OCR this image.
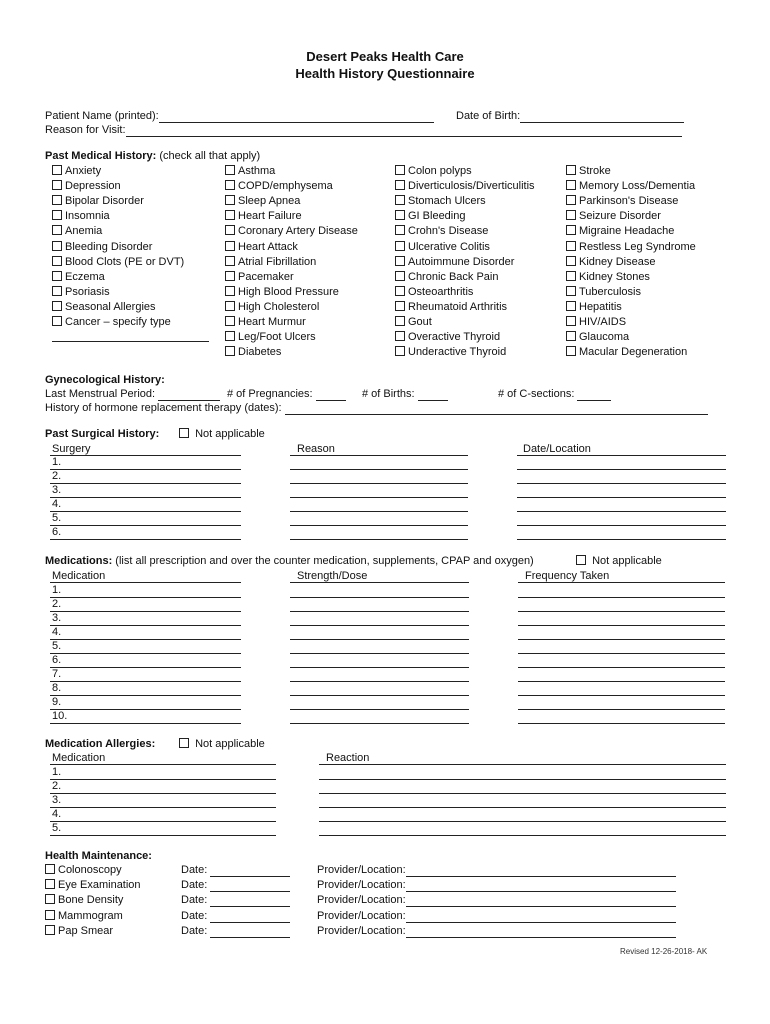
Desert Peaks Health Care
Health History Questionnaire
Patient Name (printed):	Date of Birth:
Reason for Visit:
Past Medical History: (check all that apply)
Anxiety
Depression
Bipolar Disorder
Insomnia
Anemia
Bleeding Disorder
Blood Clots (PE or DVT)
Eczema
Psoriasis
Seasonal Allergies
Cancer – specify type
Asthma
COPD/emphysema
Sleep Apnea
Heart Failure
Coronary Artery Disease
Heart Attack
Atrial Fibrillation
Pacemaker
High Blood Pressure
High Cholesterol
Heart Murmur
Leg/Foot Ulcers
Diabetes
Colon polyps
Diverticulosis/Diverticulitis
Stomach Ulcers
GI Bleeding
Crohn's Disease
Ulcerative Colitis
Autoimmune Disorder
Chronic Back Pain
Osteoarthritis
Rheumatoid Arthritis
Gout
Overactive Thyroid
Underactive Thyroid
Stroke
Memory Loss/Dementia
Parkinson's Disease
Seizure Disorder
Migraine Headache
Restless Leg Syndrome
Kidney Disease
Kidney Stones
Tuberculosis
Hepatitis
HIV/AIDS
Glaucoma
Macular Degeneration
Gynecological History:
Last Menstrual Period:	# of Pregnancies:	# of Births:	# of C-sections:
History of hormone replacement therapy (dates):
Past Surgical History:	Not applicable
Surgery	Reason	Date/Location
1.
2.
3.
4.
5.
6.
Medications: (list all prescription and over the counter medication, supplements, CPAP and oxygen)	Not applicable
Medication	Strength/Dose	Frequency Taken
1.
2.
3.
4.
5.
6.
7.
8.
9.
10.
Medication Allergies:	Not applicable
Medication	Reaction
1.
2.
3.
4.
5.
Health Maintenance:
Colonoscopy	Date:	Provider/Location:
Eye Examination	Date:	Provider/Location:
Bone Density	Date:	Provider/Location:
Mammogram	Date:	Provider/Location:
Pap Smear	Date:	Provider/Location:
Revised 12-26-2018- AK
